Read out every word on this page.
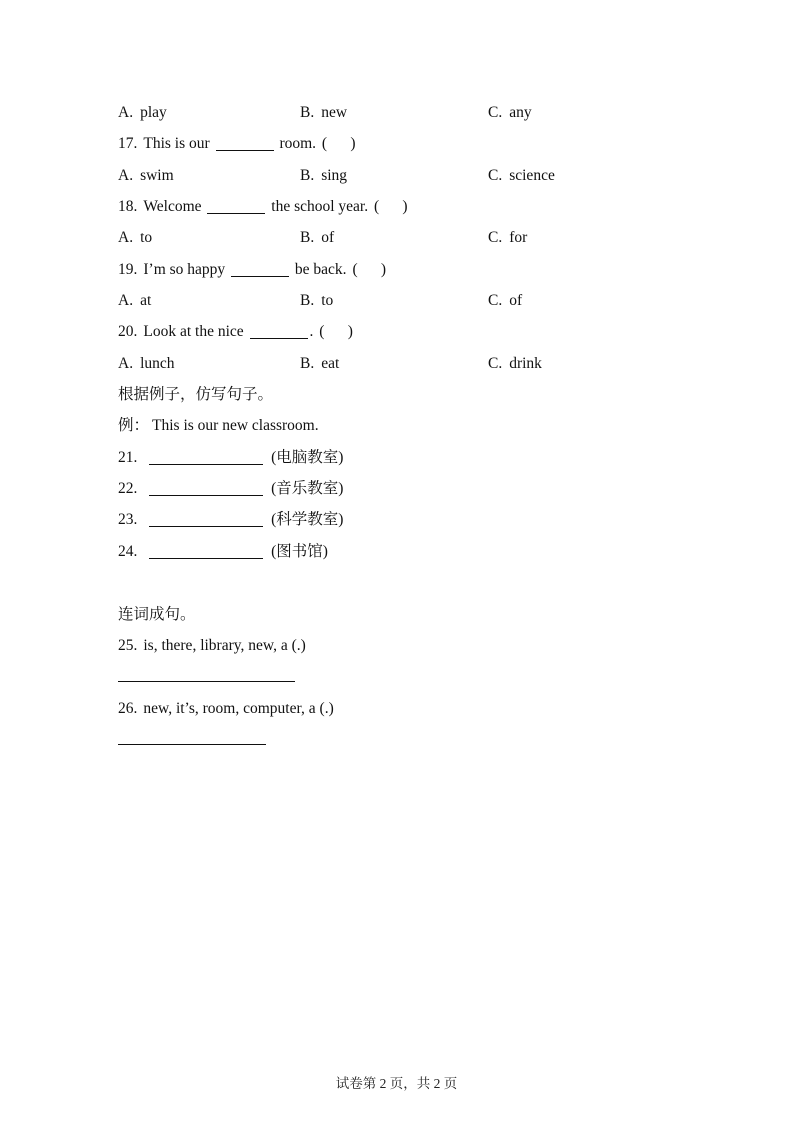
A. play	B. new	C. any
17. This is our	room. (      )
A. swim	B. sing	C. science
18. Welcome	the school year. (      )
A. to	B. of	C. for
19. I’m so happy	be back. (      )
A. at	B. to	C. of
20. Look at the nice	. (      )
A. lunch	B. eat	C. drink
根据例子，仿写句子。
例： This is our new classroom.
21.	(电脑教室)
22.	(音乐教室)
23.	(科学教室)
24.	(图书馆)
连词成句。
25. is, there, library, new, a (.)
26. new, it’s, room, computer, a (.)
试卷第 2 页，共 2 页
